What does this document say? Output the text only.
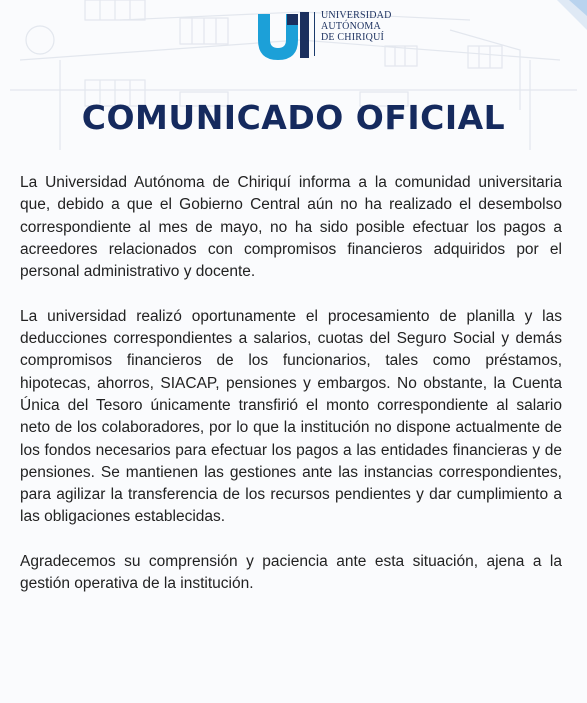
UNIVERSIDAD
AUTÓNOMA
DE CHIRIQUÍ
COMUNICADO OFICIAL

La Universidad Autónoma de Chiriquí informa a la comunidad universitaria que, debido a que el Gobierno Central aún no ha realizado el desembolso correspondiente al mes de mayo, no ha sido posible efectuar los pagos a acreedores relacionados con compromisos financieros adquiridos por el personal administrativo y docente.

La universidad realizó oportunamente el procesamiento de planilla y las deducciones correspondientes a salarios, cuotas del Seguro Social y demás compromisos financieros de los funcionarios, tales como préstamos, hipotecas, ahorros, SIACAP, pensiones y embargos. No obstante, la Cuenta Única del Tesoro únicamente transfirió el monto correspondiente al salario neto de los colaboradores, por lo que la institución no dispone actualmente de los fondos necesarios para efectuar los pagos a las entidades financieras y de pensiones. Se mantienen las gestiones ante las instancias correspondientes, para agilizar la transferencia de los recursos pendientes y dar cumplimiento a las obligaciones establecidas.

Agradecemos su comprensión y paciencia ante esta situación, ajena a la gestión operativa de la institución.
